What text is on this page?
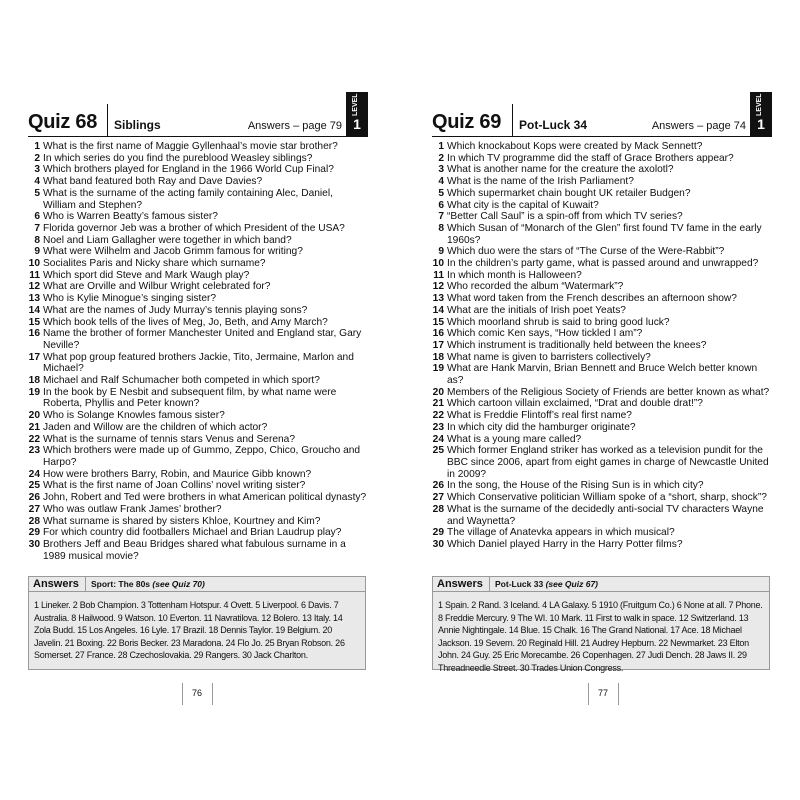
Quiz 68 Siblings	Answers – page 79
LEVEL
1
1 What is the first name of Maggie Gyllenhaal’s movie star brother?
2 In which series do you find the pureblood Weasley siblings?
3 Which brothers played for England in the 1966 World Cup Final?
4 What band featured both Ray and Dave Davies?
5 What is the surname of the acting family containing Alec, Daniel, William and Stephen?
6 Who is Warren Beatty’s famous sister?
7 Florida governor Jeb was a brother of which President of the USA?
8 Noel and Liam Gallagher were together in which band?
9 What were Wilhelm and Jacob Grimm famous for writing?
10 Socialites Paris and Nicky share which surname?
11 Which sport did Steve and Mark Waugh play?
12 What are Orville and Wilbur Wright celebrated for?
13 Who is Kylie Minogue’s singing sister?
14 What are the names of Judy Murray’s tennis playing sons?
15 Which book tells of the lives of Meg, Jo, Beth, and Amy March?
16 Name the brother of former Manchester United and England star, Gary Neville?
17 What pop group featured brothers Jackie, Tito, Jermaine, Marlon and Michael?
18 Michael and Ralf Schumacher both competed in which sport?
19 In the book by E Nesbit and subsequent film, by what name were Roberta, Phyllis and Peter known?
20 Who is Solange Knowles famous sister?
21 Jaden and Willow are the children of which actor?
22 What is the surname of tennis stars Venus and Serena?
23 Which brothers were made up of Gummo, Zeppo, Chico, Groucho and Harpo?
24 How were brothers Barry, Robin, and Maurice Gibb known?
25 What is the first name of Joan Collins’ novel writing sister?
26 John, Robert and Ted were brothers in what American political dynasty?
27 Who was outlaw Frank James’ brother?
28 What surname is shared by sisters Khloe, Kourtney and Kim?
29 For which country did footballers Michael and Brian Laudrup play?
30 Brothers Jeff and Beau Bridges shared what fabulous surname in a 1989 musical movie?
Answers Sport: The 80s (see Quiz 70)
1 Lineker. 2 Bob Champion. 3 Tottenham Hotspur. 4 Ovett. 5 Liverpool. 6 Davis. 7 Australia. 8 Hailwood. 9 Watson. 10 Everton. 11 Navratilova. 12 Bolero. 13 Italy. 14 Zola Budd. 15 Los Angeles. 16 Lyle. 17 Brazil. 18 Dennis Taylor. 19 Belgium. 20 Javelin. 21 Boxing. 22 Boris Becker. 23 Maradona. 24 Flo Jo. 25 Bryan Robson. 26 Somerset. 27 France. 28 Czechoslovakia. 29 Rangers. 30 Jack Charlton.
76
Quiz 69 Pot-Luck 34	Answers – page 74
LEVEL
1
1 Which knockabout Kops were created by Mack Sennett?
2 In which TV programme did the staff of Grace Brothers appear?
3 What is another name for the creature the axolotl?
4 What is the name of the Irish Parliament?
5 Which supermarket chain bought UK retailer Budgen?
6 What city is the capital of Kuwait?
7 “Better Call Saul” is a spin-off from which TV series?
8 Which Susan of “Monarch of the Glen” first found TV fame in the early 1960s?
9 Which duo were the stars of “The Curse of the Were-Rabbit”?
10 In the children’s party game, what is passed around and unwrapped?
11 In which month is Halloween?
12 Who recorded the album “Watermark”?
13 What word taken from the French describes an afternoon show?
14 What are the initials of Irish poet Yeats?
15 Which moorland shrub is said to bring good luck?
16 Which comic Ken says, “How tickled I am”?
17 Which instrument is traditionally held between the knees?
18 What name is given to barristers collectively?
19 What are Hank Marvin, Brian Bennett and Bruce Welch better known as?
20 Members of the Religious Society of Friends are better known as what?
21 Which cartoon villain exclaimed, “Drat and double drat!”?
22 What is Freddie Flintoff’s real first name?
23 In which city did the hamburger originate?
24 What is a young mare called?
25 Which former England striker has worked as a television pundit for the BBC since 2006, apart from eight games in charge of Newcastle United in 2009?
26 In the song, the House of the Rising Sun is in which city?
27 Which Conservative politician William spoke of a “short, sharp, shock”?
28 What is the surname of the decidedly anti-social TV characters Wayne and Waynetta?
29 The village of Anatevka appears in which musical?
30 Which Daniel played Harry in the Harry Potter films?
Answers Pot-Luck 33 (see Quiz 67)
1 Spain. 2 Rand. 3 Iceland. 4 LA Galaxy. 5 1910 (Fruitgum Co.) 6 None at all. 7 Phone. 8 Freddie Mercury. 9 The WI. 10 Mark. 11 First to walk in space. 12 Switzerland. 13 Annie Nightingale. 14 Blue. 15 Chalk. 16 The Grand National. 17 Ace. 18 Michael Jackson. 19 Severn. 20 Reginald Hill. 21 Audrey Hepburn. 22 Newmarket. 23 Elton John. 24 Guy. 25 Eric Morecambe. 26 Copenhagen. 27 Judi Dench. 28 Jaws II. 29 Threadneedle Street. 30 Trades Union Congress.
77
